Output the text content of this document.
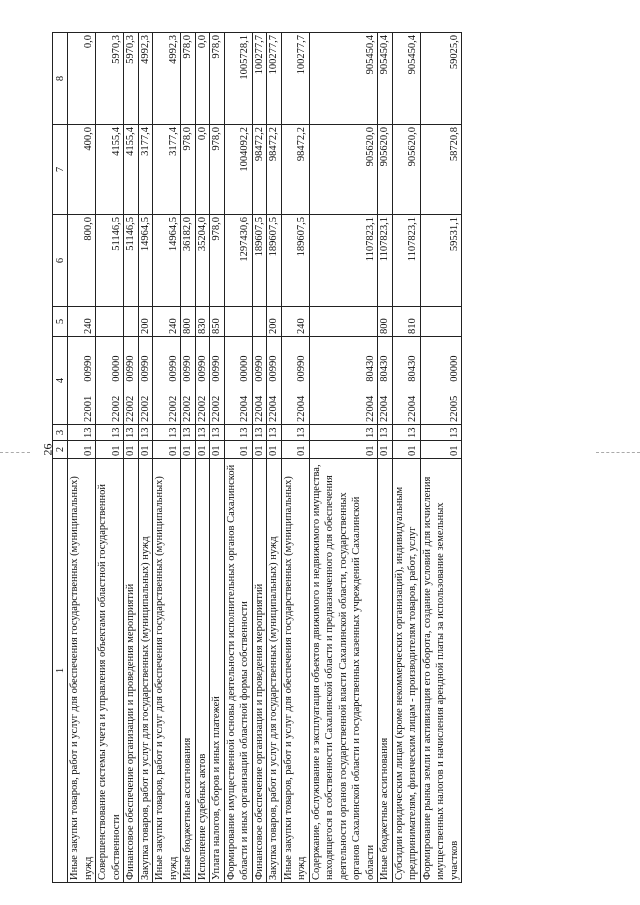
26
1	2	3	4	5	6	7	8
Иные закупки товаров, работ и услуг для обеспечения государственных (муниципальных) нужд	01	13	2200100990	240	800,0	400,0	0,0
Совершенствование системы учета и управления объектами областной государственной собственности	01	13	2200200000		51146,5	4155,4	5970,3
Финансовое обеспечение организации и проведения мероприятий	01	13	2200200990		51146,5	4155,4	5970,3
Закупка товаров, работ и услуг для государственных (муниципальных) нужд	01	13	2200200990	200	14964,5	3177,4	4992,3
Иные закупки товаров, работ и услуг для обеспечения государственных (муниципальных) нужд	01	13	2200200990	240	14964,5	3177,4	4992,3
Иные бюджетные ассигнования	01	13	2200200990	800	36182,0	978,0	978,0
Исполнение судебных актов	01	13	2200200990	830	35204,0	0,0	0,0
Уплата налогов, сборов и иных платежей	01	13	2200200990	850	978,0	978,0	978,0
Формирование имущественной основы деятельности исполнительных органов Сахалинской области и иных организаций областной формы собственности	01	13	2200400000		1297430,6	1004092,2	1005728,1
Финансовое обеспечение организации и проведения мероприятий	01	13	2200400990		189607,5	98472,2	100277,7
Закупка товаров, работ и услуг для государственных (муниципальных) нужд	01	13	2200400990	200	189607,5	98472,2	100277,7
Иные закупки товаров, работ и услуг для обеспечения государственных (муниципальных) нужд	01	13	2200400990	240	189607,5	98472,2	100277,7
Содержание, обслуживание и эксплуатация объектов движимого и недвижимого имущества, находящегося в собственности Сахалинской области и предназначенного для обеспечения деятельности органов государственной власти Сахалинской области, государственных органов Сахалинской области и государственных казенных учреждений Сахалинской области	01	13	2200480430		1107823,1	905620,0	905450,4
Иные бюджетные ассигнования	01	13	2200480430	800	1107823,1	905620,0	905450,4
Субсидии юридическим лицам (кроме некоммерческих организаций), индивидуальным предпринимателям, физическим лицам - производителям товаров, работ, услуг	01	13	2200480430	810	1107823,1	905620,0	905450,4
Формирование рынка земли и активизация его оборота, создание условий для исчисления имущественных налогов и начисления арендной платы за использование земельных участков	01	13	2200500000		59531,1	58720,8	59025,0
